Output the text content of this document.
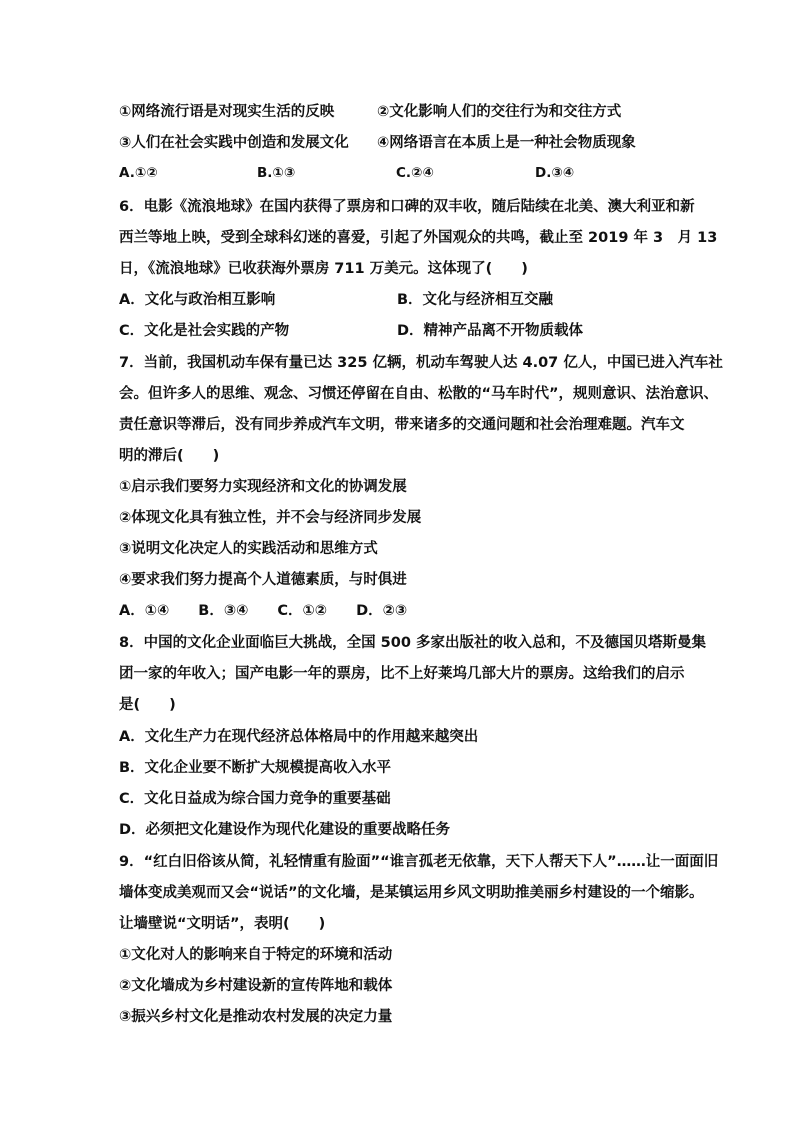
①网络流行语是对现实生活的反映	②文化影响人们的交往行为和交往方式
③人们在社会实践中创造和发展文化 ④网络语言在本质上是一种社会物质现象
A.①②	B.①③	C.②④	D.③④
6．电影《流浪地球》在国内获得了票房和口碑的双丰收，随后陆续在北美、澳大利亚和新
西兰等地上映，受到全球科幻迷的喜爱，引起了外国观众的共鸣，截止至 2019 年 3　月 13
日，《流浪地球》已收获海外票房 711 万美元。这体现了(　　)
A．文化与政治相互影响	B．文化与经济相互交融
C．文化是社会实践的产物	D．精神产品离不开物质载体
7．当前，我国机动车保有量已达 325 亿辆，机动车驾驶人达 4.07 亿人，中国已进入汽车社
会。但许多人的思维、观念、习惯还停留在自由、松散的“马车时代”，规则意识、法治意识、
责任意识等滞后，没有同步养成汽车文明，带来诸多的交通问题和社会治理难题。汽车文
明的滞后(　　)
①启示我们要努力实现经济和文化的协调发展
②体现文化具有独立性，并不会与经济同步发展
③说明文化决定人的实践活动和思维方式
④要求我们努力提高个人道德素质，与时俱进
A．①④　　B．③④　　C．①②　　D．②③
8．中国的文化企业面临巨大挑战，全国 500 多家出版社的收入总和，不及德国贝塔斯曼集
团一家的年收入；国产电影一年的票房，比不上好莱坞几部大片的票房。这给我们的启示
是(　　)
A．文化生产力在现代经济总体格局中的作用越来越突出
B．文化企业要不断扩大规模提高收入水平
C．文化日益成为综合国力竞争的重要基础
D．必须把文化建设作为现代化建设的重要战略任务
9．“红白旧俗该从简，礼轻情重有脸面”“谁言孤老无依靠，天下人帮天下人”……让一面面旧
墙体变成美观而又会“说话”的文化墙，是某镇运用乡风文明助推美丽乡村建设的一个缩影。
让墙壁说“文明话”，表明(　　)
①文化对人的影响来自于特定的环境和活动
②文化墙成为乡村建设新的宣传阵地和载体
③振兴乡村文化是推动农村发展的决定力量
